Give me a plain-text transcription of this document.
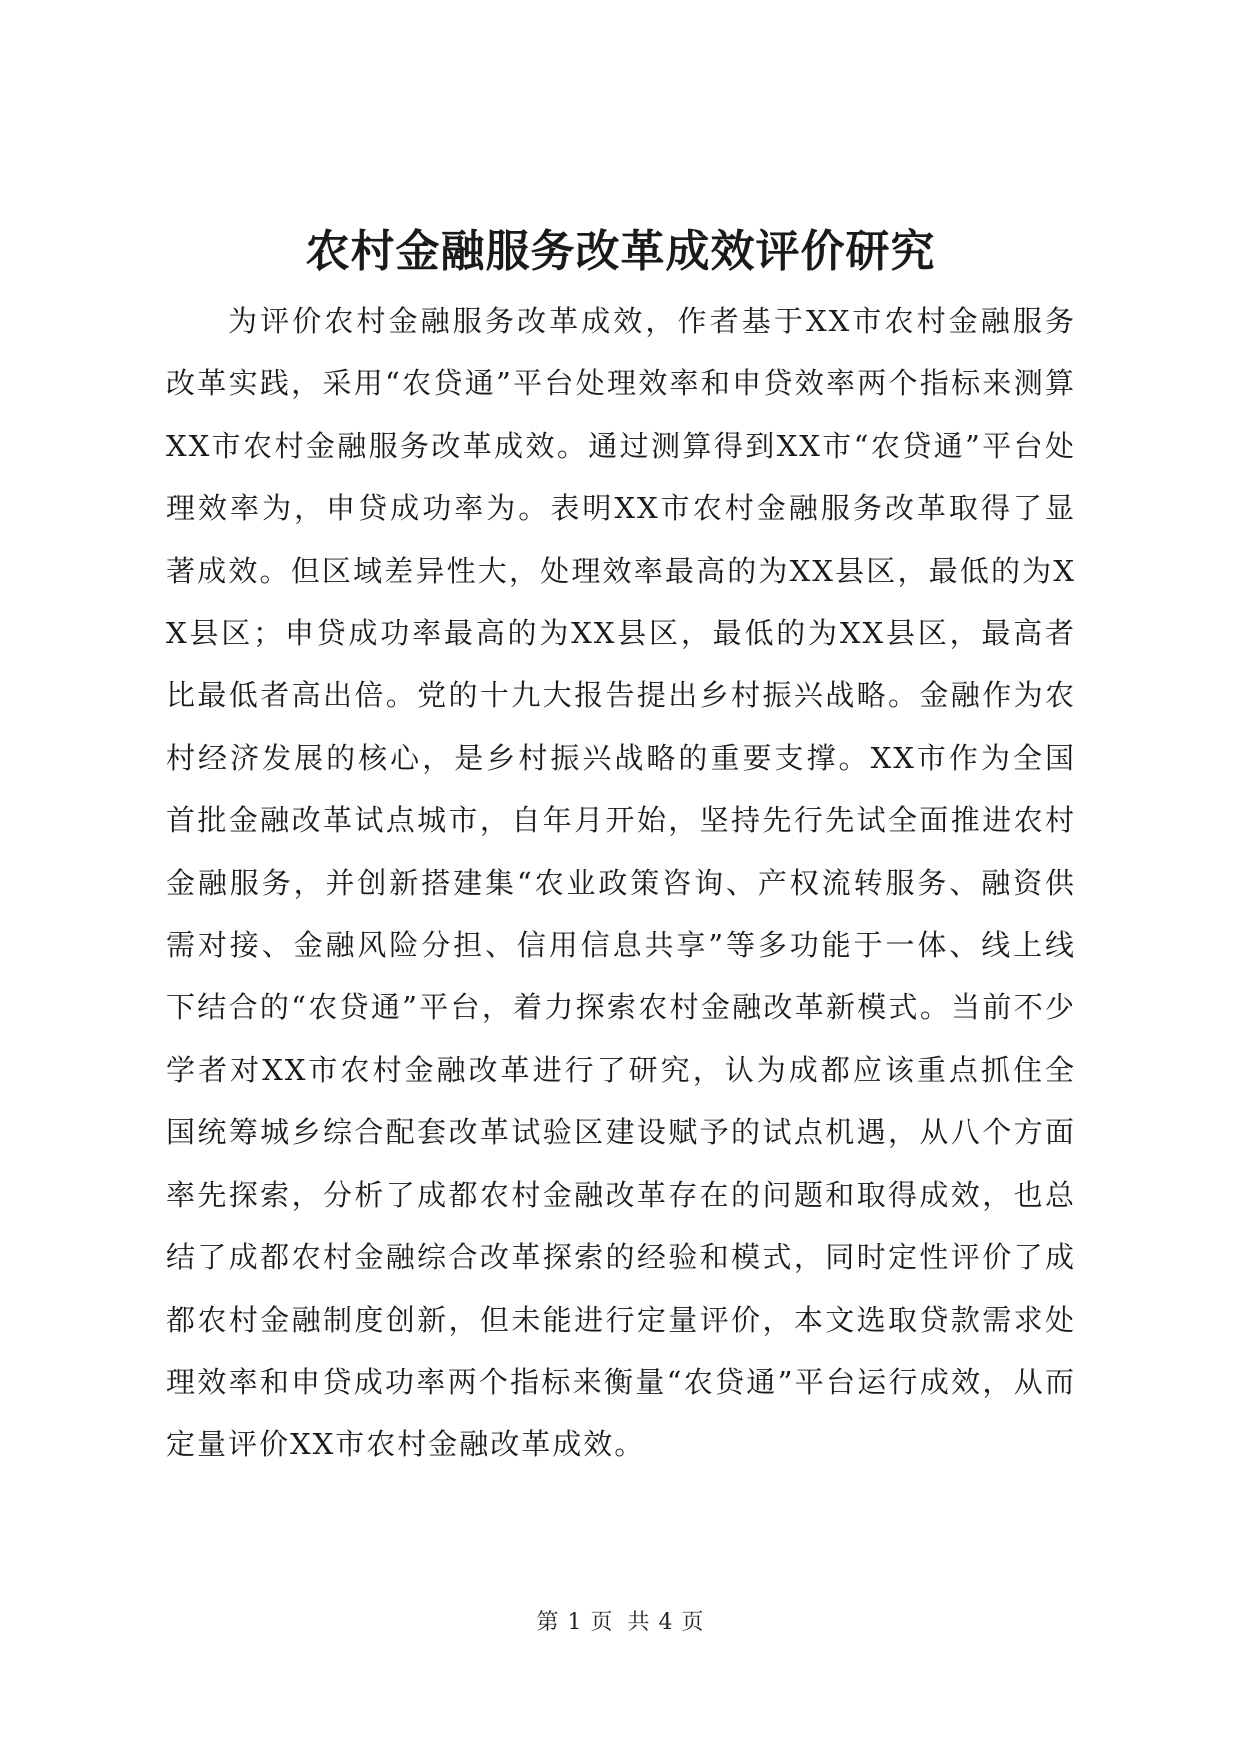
农村金融服务改革成效评价研究

为评价农村金融服务改革成效，作者基于XX市农村金融服务改革实践，采用“农贷通”平台处理效率和申贷效率两个指标来测算XX市农村金融服务改革成效。通过测算得到XX市“农贷通”平台处理效率为，申贷成功率为。表明XX市农村金融服务改革取得了显著成效。但区域差异性大，处理效率最高的为XX县区，最低的为XX县区；申贷成功率最高的为XX县区，最低的为XX县区，最高者比最低者高出倍。党的十九大报告提出乡村振兴战略。金融作为农村经济发展的核心，是乡村振兴战略的重要支撑。XX市作为全国首批金融改革试点城市，自年月开始，坚持先行先试全面推进农村金融服务，并创新搭建集“农业政策咨询、产权流转服务、融资供需对接、金融风险分担、信用信息共享”等多功能于一体、线上线下结合的“农贷通”平台，着力探索农村金融改革新模式。当前不少学者对XX市农村金融改革进行了研究，认为成都应该重点抓住全国统筹城乡综合配套改革试验区建设赋予的试点机遇，从八个方面率先探索，分析了成都农村金融改革存在的问题和取得成效，也总结了成都农村金融综合改革探索的经验和模式，同时定性评价了成都农村金融制度创新，但未能进行定量评价，本文选取贷款需求处理效率和申贷成功率两个指标来衡量“农贷通”平台运行成效，从而定量评价XX市农村金融改革成效。

第 1 页 共 4 页
